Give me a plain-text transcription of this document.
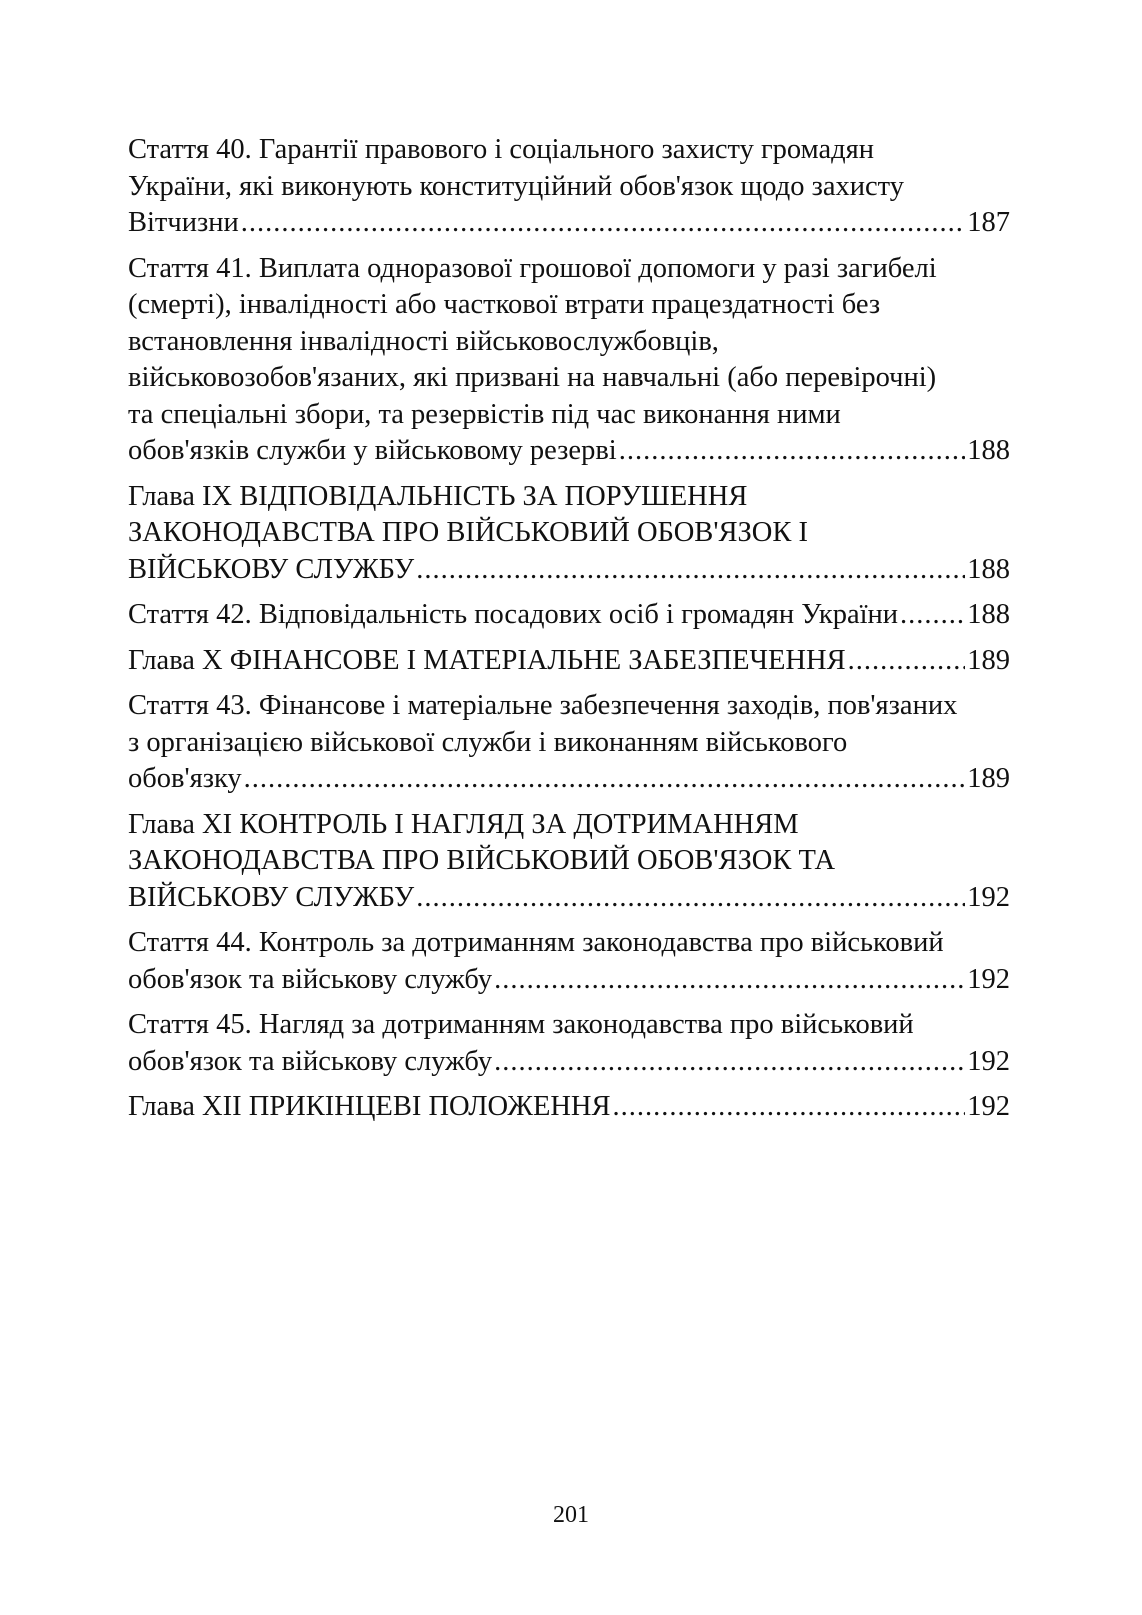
Стаття 40. Гарантії правового і соціального захисту громадян
України, які виконують конституційний обов'язок щодо захисту
Вітчизни .....	187
Стаття 41. Виплата одноразової грошової допомоги у разі загибелі
(смерті), інвалідності або часткової втрати працездатності без
встановлення інвалідності військовослужбовців,
військовозобов'язаних, які призвані на навчальні (або перевірочні)
та спеціальні збори, та резервістів під час виконання ними
обов'язків служби у військовому резерві .....	188
Глава IX ВІДПОВІДАЛЬНІСТЬ ЗА ПОРУШЕННЯ
ЗАКОНОДАВСТВА ПРО ВІЙСЬКОВИЙ ОБОВ'ЯЗОК І
ВІЙСЬКОВУ СЛУЖБУ .....	188
Стаття 42. Відповідальність посадових осіб і громадян України ..... 188
Глава X ФІНАНСОВЕ І МАТЕРІАЛЬНЕ ЗАБЕЗПЕЧЕННЯ .....	189
Стаття 43. Фінансове і матеріальне забезпечення заходів, пов'язаних
з організацією військової служби і виконанням військового
обов'язку .....	189
Глава XI КОНТРОЛЬ І НАГЛЯД ЗА ДОТРИМАННЯМ
ЗАКОНОДАВСТВА ПРО ВІЙСЬКОВИЙ ОБОВ'ЯЗОК ТА
ВІЙСЬКОВУ СЛУЖБУ .....	192
Стаття 44. Контроль за дотриманням законодавства про військовий
обов'язок та військову службу .....	192
Стаття 45. Нагляд за дотриманням законодавства про військовий
обов'язок та військову службу .....	192
Глава XII ПРИКІНЦЕВІ ПОЛОЖЕННЯ .....	192
201
